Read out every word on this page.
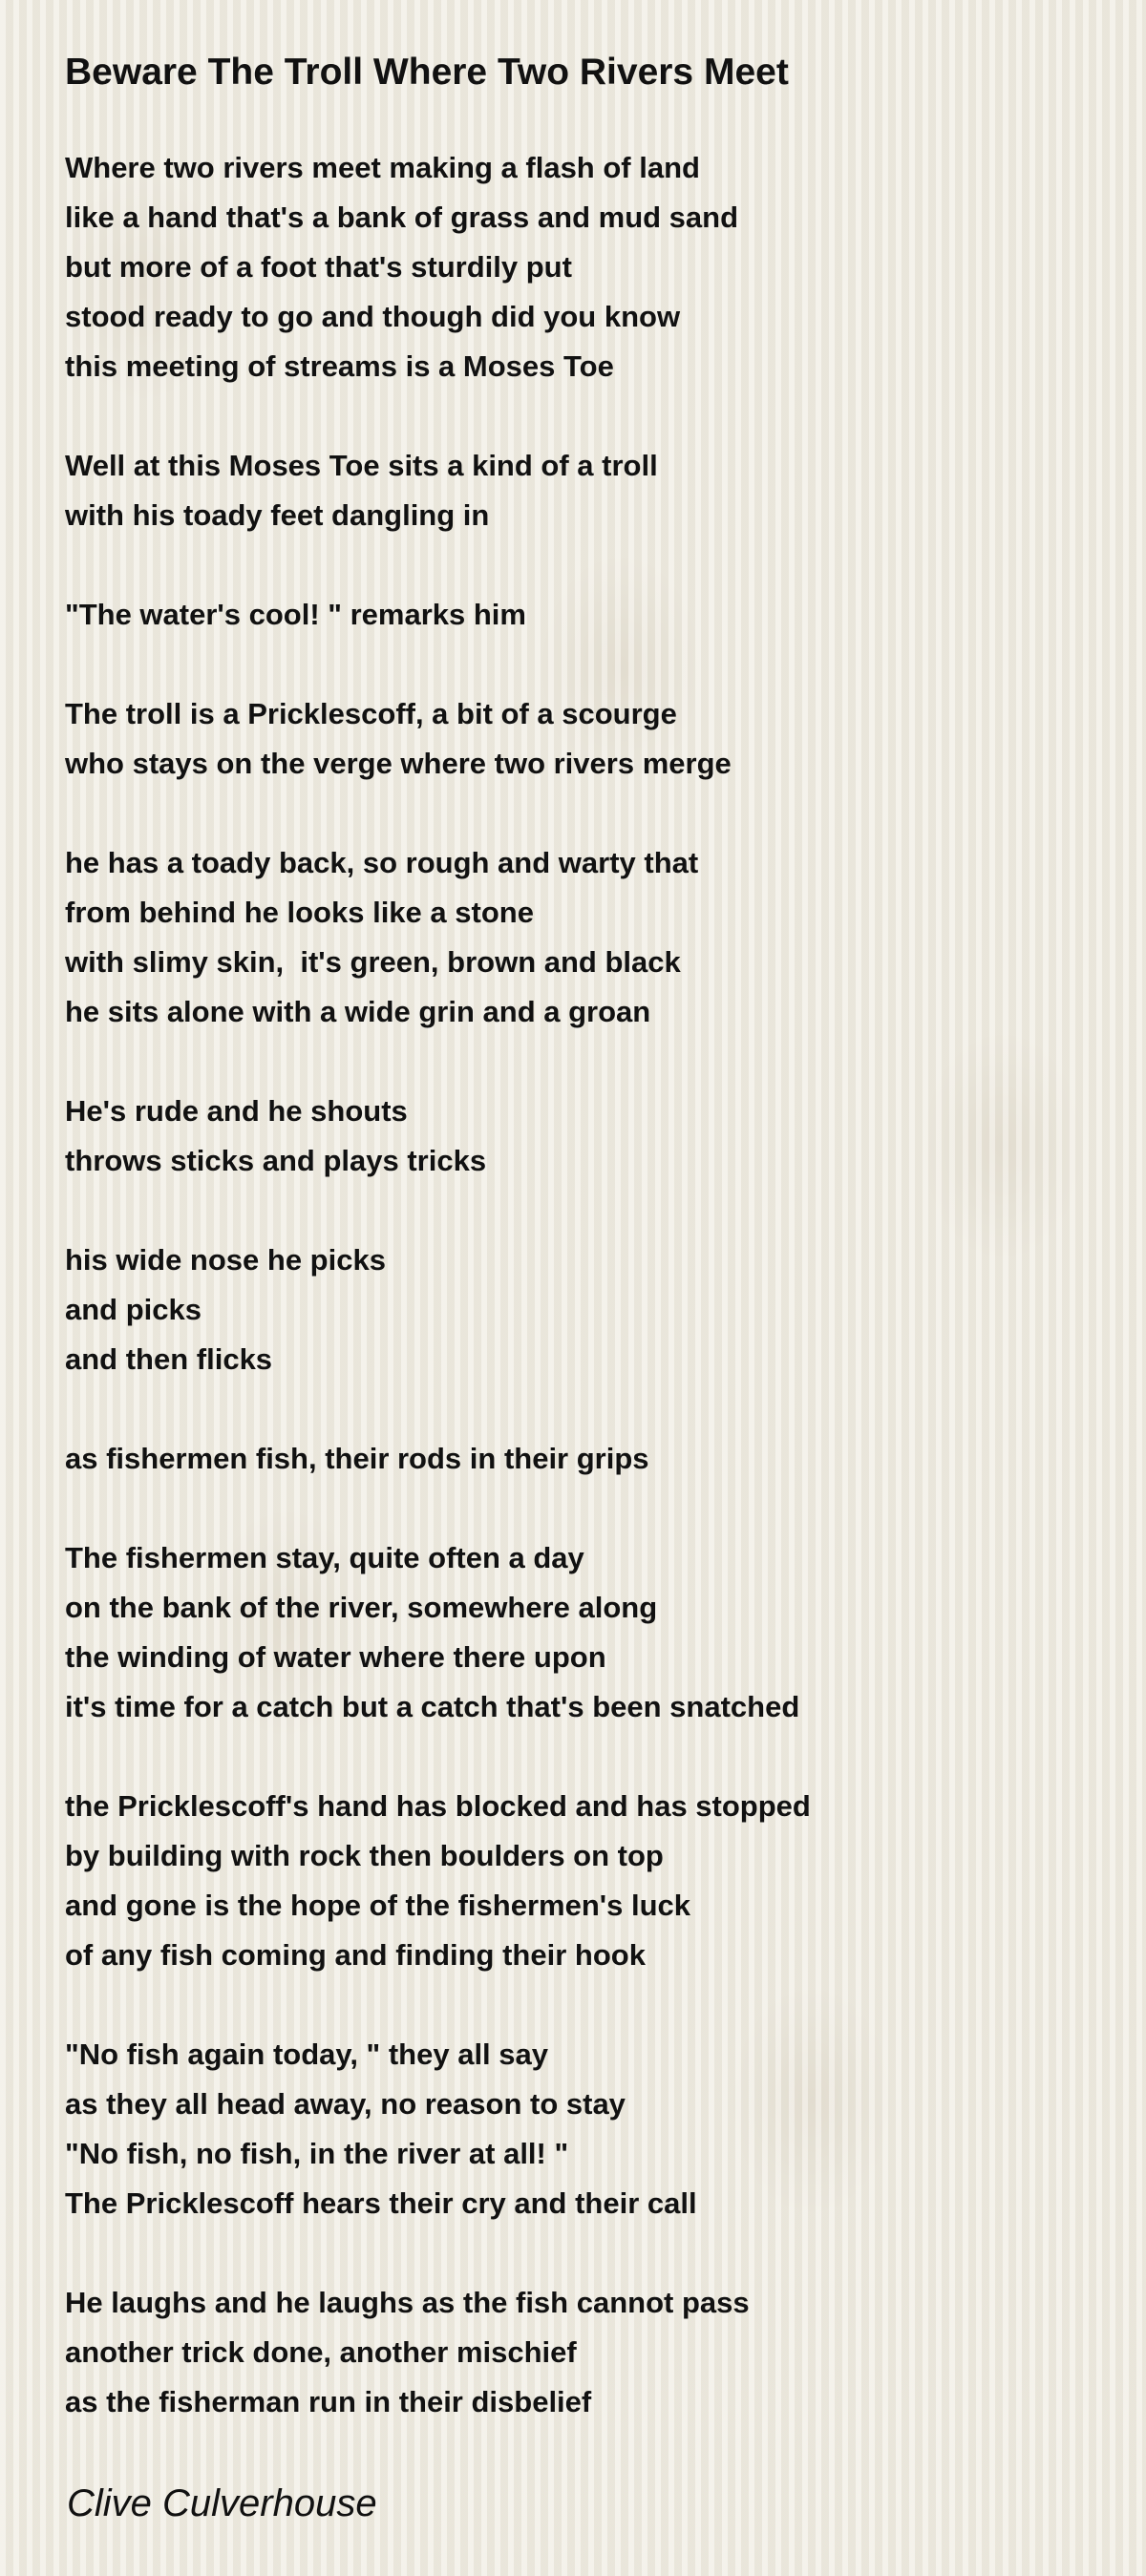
Beware The Troll Where Two Rivers Meet
Where two rivers meet making a flash of land
like a hand that's a bank of grass and mud sand
but more of a foot that's sturdily put
stood ready to go and though did you know
this meeting of streams is a Moses Toe
Well at this Moses Toe sits a kind of a troll
with his toady feet dangling in
"The water's cool! " remarks him
The troll is a Pricklescoff, a bit of a scourge
who stays on the verge where two rivers merge
he has a toady back, so rough and warty that
from behind he looks like a stone
with slimy skin,  it's green, brown and black
he sits alone with a wide grin and a groan
He's rude and he shouts
throws sticks and plays tricks
his wide nose he picks
and picks
and then flicks
as fishermen fish, their rods in their grips
The fishermen stay, quite often a day
on the bank of the river, somewhere along
the winding of water where there upon
it's time for a catch but a catch that's been snatched
the Pricklescoff's hand has blocked and has stopped
by building with rock then boulders on top
and gone is the hope of the fishermen's luck
of any fish coming and finding their hook
"No fish again today, " they all say
as they all head away, no reason to stay
"No fish, no fish, in the river at all! "
The Pricklescoff hears their cry and their call
He laughs and he laughs as the fish cannot pass
another trick done, another mischief
as the fisherman run in their disbelief
Clive Culverhouse
